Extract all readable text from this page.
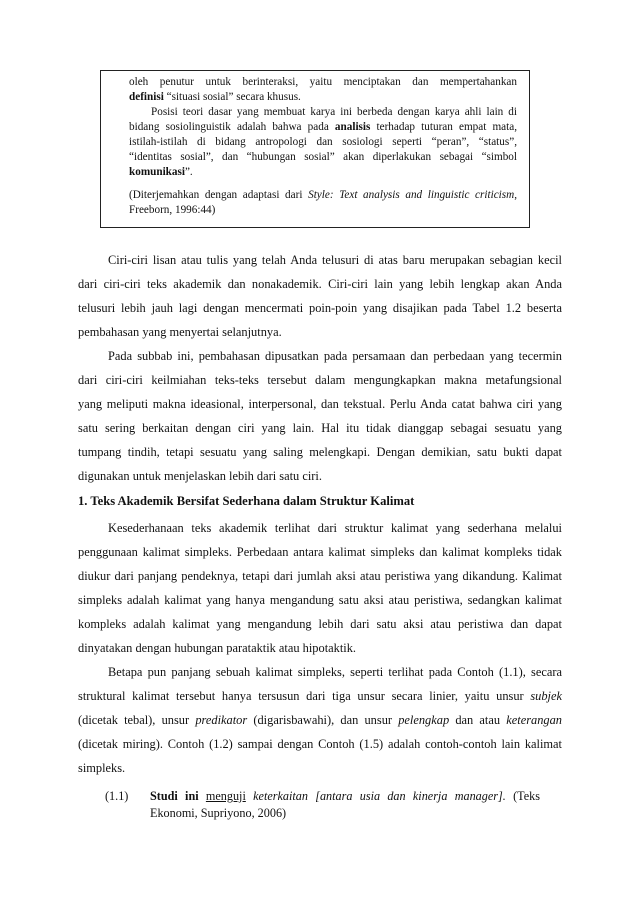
oleh penutur untuk berinteraksi, yaitu menciptakan dan mempertahankan
definisi “situasi sosial” secara khusus.
Posisi teori dasar yang membuat karya ini berbeda dengan karya ahli lain di
bidang sosiolinguistik adalah bahwa pada analisis terhadap tuturan empat mata,
istilah-istilah di bidang antropologi dan sosiologi seperti “peran”, “status”,
“identitas sosial”, dan “hubungan sosial” akan diperlakukan sebagai “simbol
komunikasi”.
(Diterjemahkan dengan adaptasi dari Style: Text analysis and linguistic criticism,
Freeborn, 1996:44)
Ciri-ciri lisan atau tulis yang telah Anda telusuri di atas baru merupakan sebagian kecil
dari ciri-ciri teks akademik dan nonakademik. Ciri-ciri lain yang lebih lengkap akan Anda
telusuri lebih jauh lagi dengan mencermati poin-poin yang disajikan pada Tabel 1.2 beserta
pembahasan yang menyertai selanjutnya.
Pada subbab ini, pembahasan dipusatkan pada persamaan dan perbedaan yang tecermin
dari ciri-ciri keilmiahan teks-teks tersebut dalam mengungkapkan makna metafungsional
yang meliputi makna ideasional, interpersonal, dan tekstual. Perlu Anda catat bahwa ciri yang
satu sering berkaitan dengan ciri yang lain. Hal itu tidak dianggap sebagai sesuatu yang
tumpang tindih, tetapi sesuatu yang saling melengkapi. Dengan demikian, satu bukti dapat
digunakan untuk menjelaskan lebih dari satu ciri.
1. Teks Akademik Bersifat Sederhana dalam Struktur Kalimat
Kesederhanaan teks akademik terlihat dari struktur kalimat yang sederhana melalui
penggunaan kalimat simpleks. Perbedaan antara kalimat simpleks dan kalimat kompleks tidak
diukur dari panjang pendeknya, tetapi dari jumlah aksi atau peristiwa yang dikandung. Kalimat
simpleks adalah kalimat yang hanya mengandung satu aksi atau peristiwa, sedangkan kalimat
kompleks adalah kalimat yang mengandung lebih dari satu aksi atau peristiwa dan dapat
dinyatakan dengan hubungan parataktik atau hipotaktik.
Betapa pun panjang sebuah kalimat simpleks, seperti terlihat pada Contoh (1.1), secara
struktural kalimat tersebut hanya tersusun dari tiga unsur secara linier, yaitu unsur subjek
(dicetak tebal), unsur predikator (digarisbawahi), dan unsur pelengkap dan atau keterangan
(dicetak miring). Contoh (1.2) sampai dengan Contoh (1.5) adalah contoh-contoh lain kalimat
simpleks.
(1.1) Studi ini menguji keterkaitan [antara usia dan kinerja manager]. (Teks
Ekonomi, Supriyono, 2006)
